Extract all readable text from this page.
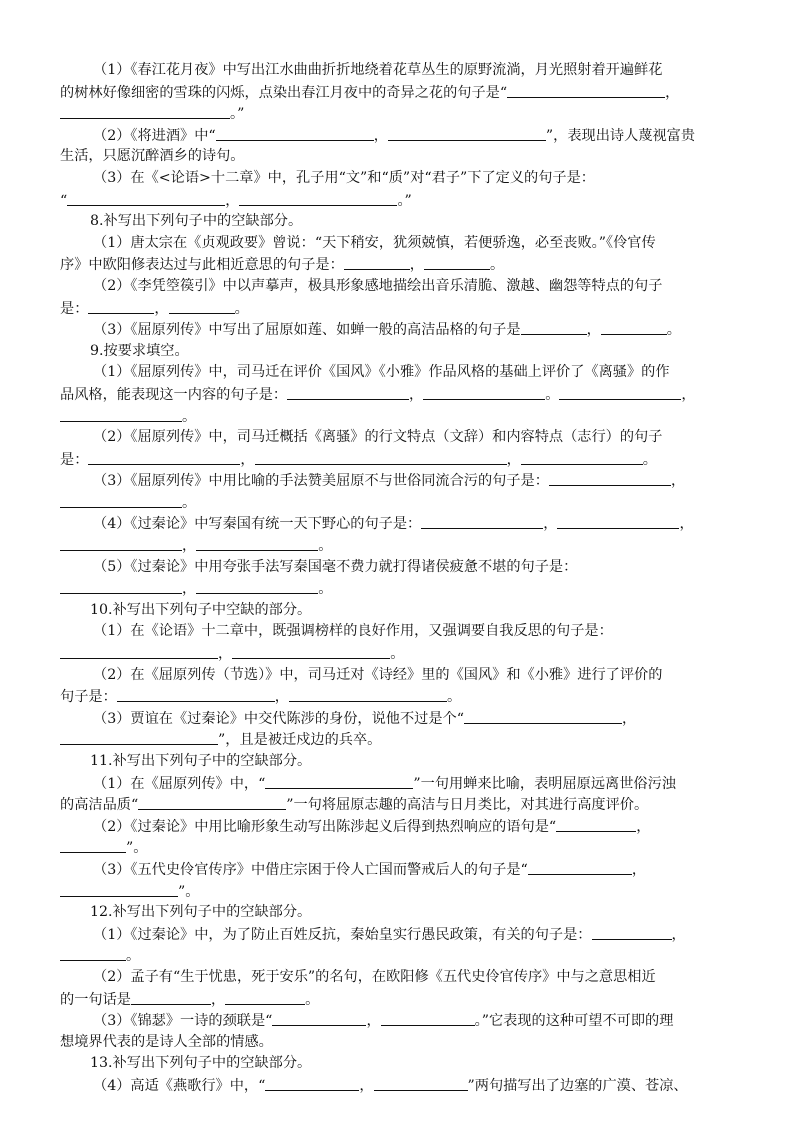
（1）《春江花月夜》中写出江水曲曲折折地绕着花草丛生的原野流淌，月光照射着开遍鲜花
的树林好像细密的雪珠的闪烁，点染出春江月夜中的奇异之花的句子是“	，
。”
（2）《将进酒》中“	，	”，表现出诗人蔑视富贵
生活，只愿沉醉酒乡的诗句。
（3）在《<论语>十二章》中，孔子用“文”和“质”对“君子”下了定义的句子是：
“	，	。”
8.补写出下列句子中的空缺部分。
（1）唐太宗在《贞观政要》曾说：“天下稍安，犹须兢慎，若便骄逸，必至丧败。”《伶官传
序》中欧阳修表达过与此相近意思的句子是：	，	。
（2）《李凭箜篌引》中以声摹声，极具形象感地描绘出音乐清脆、激越、幽怨等特点的句子
是：	，	。
（3）《屈原列传》中写出了屈原如莲、如蝉一般的高洁品格的句子是	，	。
9.按要求填空。
（1）《屈原列传》中，司马迁在评价《国风》《小雅》作品风格的基础上评价了《离骚》的作
品风格，能表现这一内容的句子是：	，	。	，
。
（2）《屈原列传》中，司马迁概括《离骚》的行文特点（文辞）和内容特点（志行）的句子
是：	，	，	。
（3）《屈原列传》中用比喻的手法赞美屈原不与世俗同流合污的句子是：	，
。
（4）《过秦论》中写秦国有统一天下野心的句子是：	，	，
，	。
（5）《过秦论》中用夸张手法写秦国毫不费力就打得诸侯疲惫不堪的句子是：
，	。
10.补写出下列句子中空缺的部分。
（1）在《论语》十二章中，既强调榜样的良好作用，又强调要自我反思的句子是：
，	。
（2）在《屈原列传（节选）》中，司马迁对《诗经》里的《国风》和《小雅》进行了评价的
句子是：	，	。
（3）贾谊在《过秦论》中交代陈涉的身份，说他不过是个“	，
”，且是被迁戍边的兵卒。
11.补写出下列句子中的空缺部分。
（1）在《屈原列传》中，“	”一句用蝉来比喻，表明屈原远离世俗污浊
的高洁品质“	”一句将屈原志趣的高洁与日月类比，对其进行高度评价。
（2）《过秦论》中用比喻形象生动写出陈涉起义后得到热烈响应的语句是“	，
”。
（3）《五代史伶官传序》中借庄宗困于伶人亡国而警戒后人的句子是“	，
”。
12.补写出下列句子中的空缺部分。
（1）《过秦论》中，为了防止百姓反抗，秦始皇实行愚民政策，有关的句子是：	，
。
（2）孟子有“生于忧患，死于安乐”的名句，在欧阳修《五代史伶官传序》中与之意思相近
的一句话是	，	。
（3）《锦瑟》一诗的颈联是“	，	。”它表现的这种可望不可即的理
想境界代表的是诗人全部的情感。
13.补写出下列句子中的空缺部分。
（4）高适《燕歌行》中，“	，	”两句描写出了边塞的广漠、苍凉、
